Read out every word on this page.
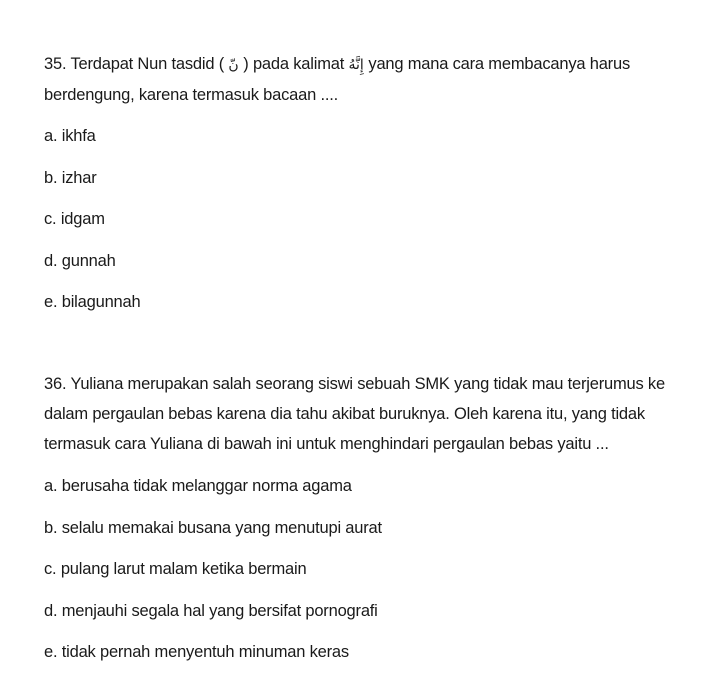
35. Terdapat Nun tasdid ( نّ ) pada kalimat إِنَّهُ yang mana cara membacanya harus berdengung, karena termasuk bacaan ....

a. ikhfa
b. izhar
c. idgam
d. gunnah
e. bilagunnah

36. Yuliana merupakan salah seorang siswi sebuah SMK yang tidak mau terjerumus ke dalam pergaulan bebas karena dia tahu akibat buruknya. Oleh karena itu, yang tidak termasuk cara Yuliana di bawah ini untuk menghindari pergaulan bebas yaitu ...

a. berusaha tidak melanggar norma agama
b. selalu memakai busana yang menutupi aurat
c. pulang larut malam ketika bermain
d. menjauhi segala hal yang bersifat pornografi
e. tidak pernah menyentuh minuman keras
